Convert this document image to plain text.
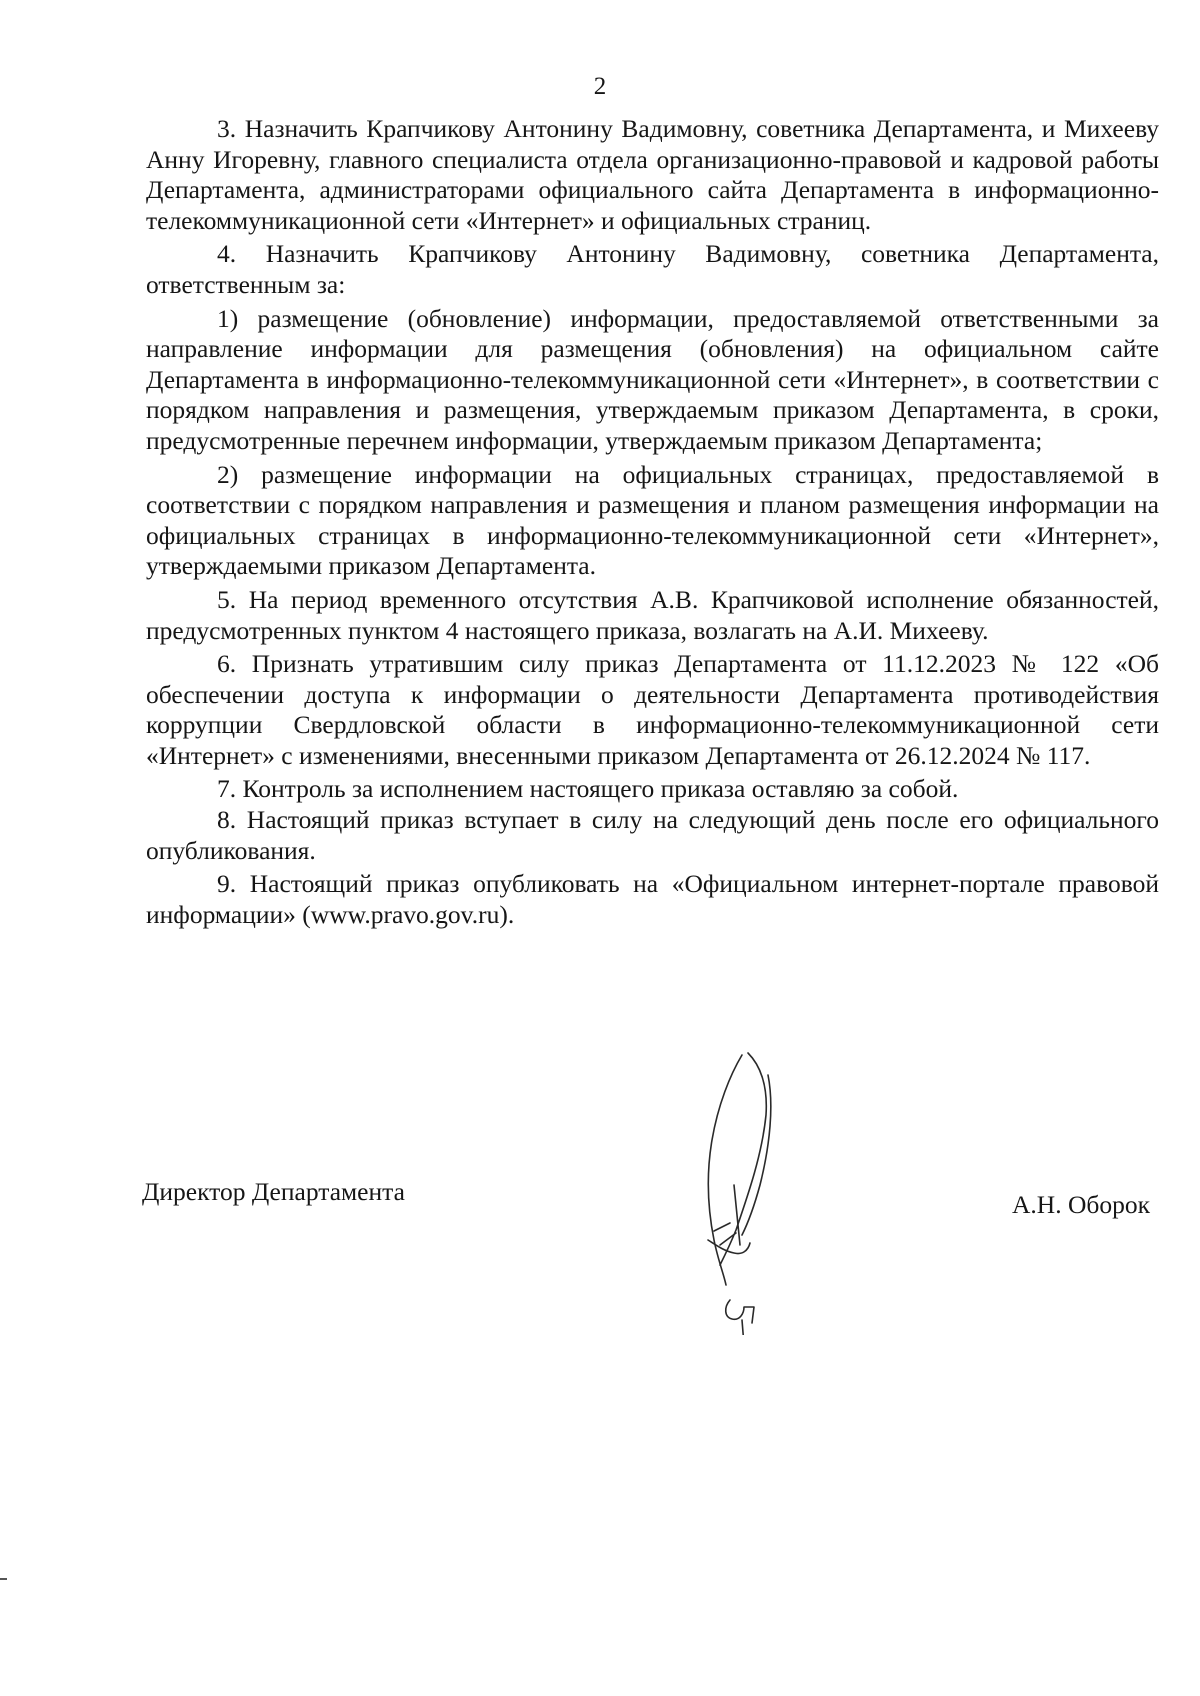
2

3. Назначить Крапчикову Антонину Вадимовну, советника Департамента, и Михееву Анну Игоревну, главного специалиста отдела организационно-правовой и кадровой работы Департамента, администраторами официального сайта Департамента в информационно-телекоммуникационной сети «Интернет» и официальных страниц.

4. Назначить Крапчикову Антонину Вадимовну, советника Департамента, ответственным за:

1) размещение (обновление) информации, предоставляемой ответственными за направление информации для размещения (обновления) на официальном сайте Департамента в информационно-телекоммуникационной сети «Интернет», в соответствии с порядком направления и размещения, утверждаемым приказом Департамента, в сроки, предусмотренные перечнем информации, утверждаемым приказом Департамента;

2) размещение информации на официальных страницах, предоставляемой в соответствии с порядком направления и размещения и планом размещения информации на официальных страницах в информационно-телекоммуникационной сети «Интернет», утверждаемыми приказом Департамента.

5. На период временного отсутствия А.В. Крапчиковой исполнение обязанностей, предусмотренных пунктом 4 настоящего приказа, возлагать на А.И. Михееву.

6. Признать утратившим силу приказ Департамента от 11.12.2023 № 122 «Об обеспечении доступа к информации о деятельности Департамента противодействия коррупции Свердловской области в информационно-телекоммуникационной сети «Интернет» с изменениями, внесенными приказом Департамента от 26.12.2024 № 117.

7. Контроль за исполнением настоящего приказа оставляю за собой.

8. Настоящий приказ вступает в силу на следующий день после его официального опубликования.

9. Настоящий приказ опубликовать на «Официальном интернет-портале правовой информации» (www.pravo.gov.ru).

Директор Департамента	А.Н. Оборок
